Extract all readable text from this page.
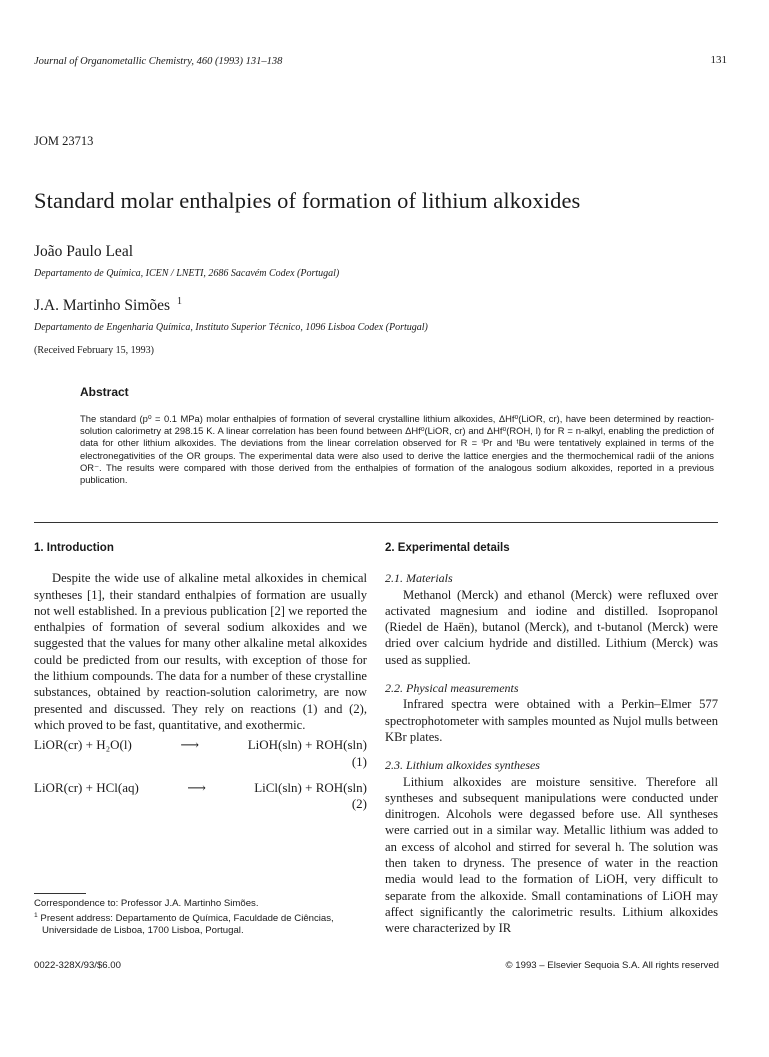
Journal of Organometallic Chemistry, 460 (1993) 131–138	131
JOM 23713
Standard molar enthalpies of formation of lithium alkoxides
João Paulo Leal
Departamento de Química, ICEN / LNETI, 2686 Sacavém Codex (Portugal)
J.A. Martinho Simões $^1$
Departamento de Engenharia Química, Instituto Superior Técnico, 1096 Lisboa Codex (Portugal)
(Received February 15, 1993)
Abstract
The standard (p⁰ = 0.1 MPa) molar enthalpies of formation of several crystalline lithium alkoxides, ΔHf⁰(LiOR, cr), have been determined by reaction-solution calorimetry at 298.15 K. A linear correlation has been found between ΔHf⁰(LiOR, cr) and ΔHf⁰(ROH, l) for R = n-alkyl, enabling the prediction of data for other lithium alkoxides. The deviations from the linear correlation observed for R = ⁱPr and ᵗBu were tentatively explained in terms of the electronegativities of the OR groups. The experimental data were also used to derive the lattice energies and the thermochemical radii of the anions OR⁻. The results were compared with those derived from the enthalpies of formation of the analogous sodium alkoxides, reported in a previous publication.
1. Introduction

Despite the wide use of alkaline metal alkoxides in chemical syntheses [1], their standard enthalpies of formation are usually not well established. In a previous publication [2] we reported the enthalpies of formation of several sodium alkoxides and we suggested that the values for many other alkaline metal alkoxides could be predicted from our results, with exception of those for the lithium compounds. The data for a number of these crystalline substances, obtained by reaction-solution calorimetry, are now presented and discussed. They rely on reactions (1) and (2), which proved to be fast, quantitative, and exothermic.

LiOR(cr) + H₂O(l)	⟶	LiOH(sln) + ROH(sln)
(1)
LiOR(cr) + HCl(aq)	⟶	LiCl(sln) + ROH(sln)
(2)
Correspondence to: Professor J.A. Martinho Simões.
$^1$ Present address: Departamento de Química, Faculdade de Ciências, Universidade de Lisboa, 1700 Lisboa, Portugal.
2. Experimental details
2.1. Materials

Methanol (Merck) and ethanol (Merck) were refluxed over activated magnesium and iodine and distilled. Isopropanol (Riedel de Haën), butanol (Merck), and t-butanol (Merck) were dried over calcium hydride and distilled. Lithium (Merck) was used as supplied.

2.2. Physical measurements

Infrared spectra were obtained with a Perkin–Elmer 577 spectrophotometer with samples mounted as Nujol mulls between KBr plates.

2.3. Lithium alkoxides syntheses

Lithium alkoxides are moisture sensitive. Therefore all syntheses and subsequent manipulations were conducted under dinitrogen. Alcohols were degassed before use. All syntheses were carried out in a similar way. Metallic lithium was added to an excess of alcohol and stirred for several h. The solution was then taken to dryness. The presence of water in the reaction media would lead to the formation of LiOH, very difficult to separate from the alkoxide. Small contaminations of LiOH may affect significantly the calorimetric results. Lithium alkoxides were characterized by IR

0022-328X/93/$6.00	© 1993 – Elsevier Sequoia S.A. All rights reserved
